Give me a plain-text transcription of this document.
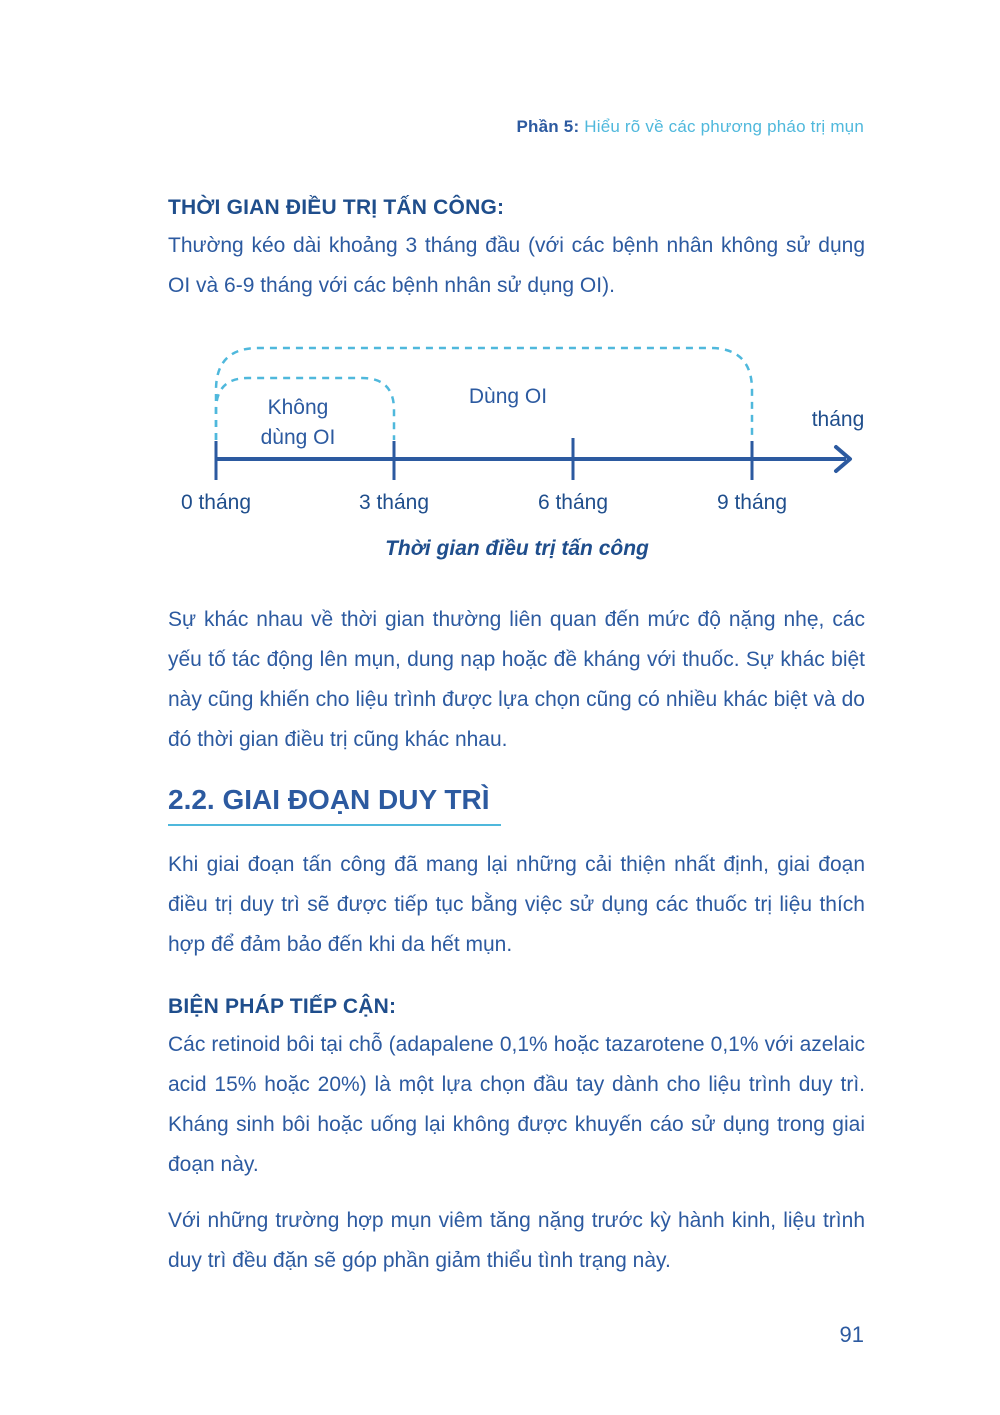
Phần 5: Hiểu rõ về các phương pháo trị mụn
THỜI GIAN ĐIỀU TRỊ TẤN CÔNG:

Thường kéo dài khoảng 3 tháng đầu (với các bệnh nhân không sử dụng OI và 6-9 tháng với các bệnh nhân sử dụng OI).

Không
dùng OI
Dùng OI
tháng
0 tháng	3 tháng	6 tháng	9 tháng
Thời gian điều trị tấn công

Sự khác nhau về thời gian thường liên quan đến mức độ nặng nhẹ, các yếu tố tác động lên mụn, dung nạp hoặc đề kháng với thuốc. Sự khác biệt này cũng khiến cho liệu trình được lựa chọn cũng có nhiều khác biệt và do đó thời gian điều trị cũng khác nhau.

2.2. GIAI ĐOẠN DUY TRÌ

Khi giai đoạn tấn công đã mang lại những cải thiện nhất định, giai đoạn điều trị duy trì sẽ được tiếp tục bằng việc sử dụng các thuốc trị liệu thích hợp để đảm bảo đến khi da hết mụn.

BIỆN PHÁP TIẾP CẬN:

Các retinoid bôi tại chỗ (adapalene 0,1% hoặc tazarotene 0,1% với azelaic acid 15% hoặc 20%) là một lựa chọn đầu tay dành cho liệu trình duy trì. Kháng sinh bôi hoặc uống lại không được khuyến cáo sử dụng trong giai đoạn này.

Với những trường hợp mụn viêm tăng nặng trước kỳ hành kinh, liệu trình duy trì đều đặn sẽ góp phần giảm thiểu tình trạng này.

91
